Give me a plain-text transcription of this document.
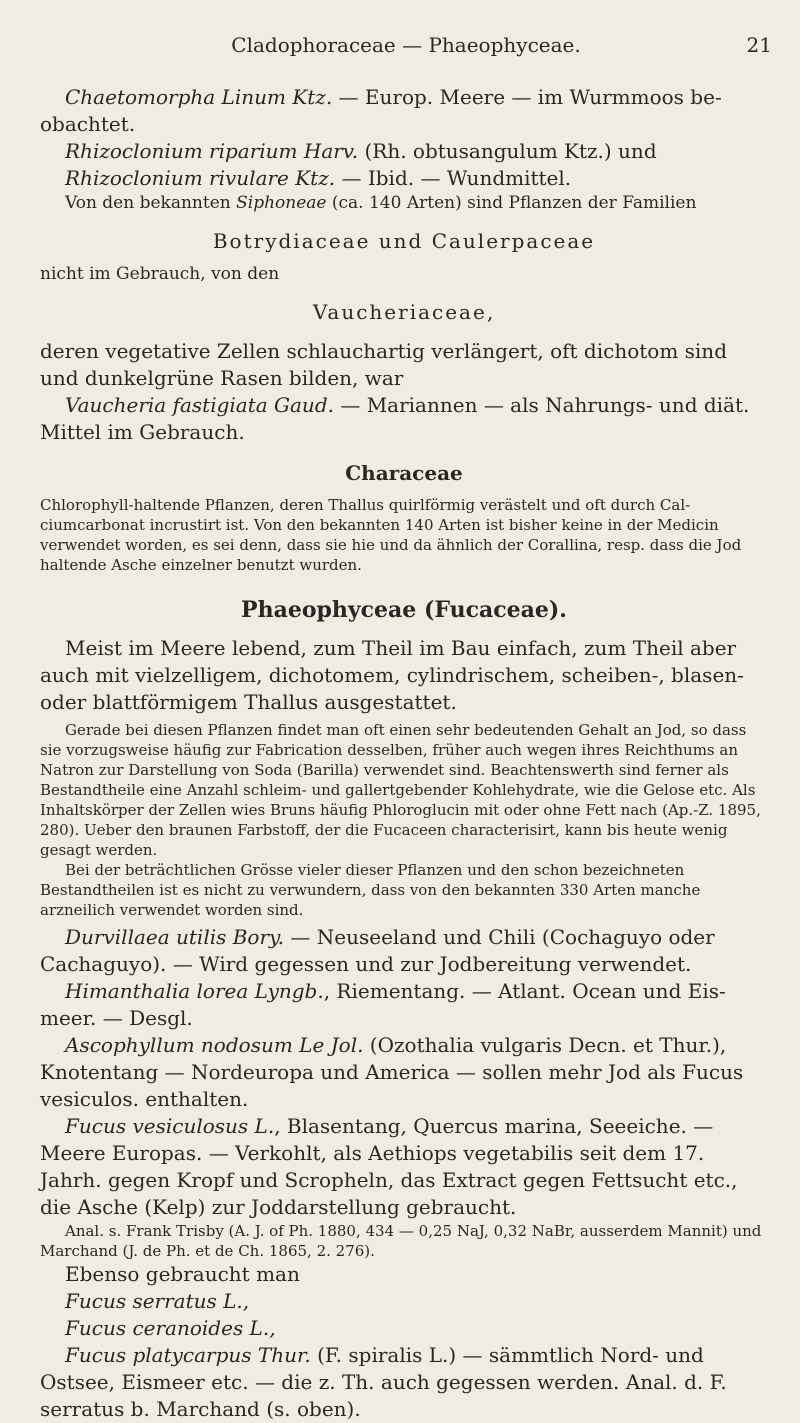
Cladophoraceae — Phaeophyceae.	21

Chaetomorpha Linum Ktz. — Europ. Meere — im Wurmmoos beobachtet.

Rhizoclonium riparium Harv. (Rh. obtusangulum Ktz.) und

Rhizoclonium rivulare Ktz. — Ibid. — Wundmittel.

Von den bekannten Siphoneae (ca. 140 Arten) sind Pflanzen der Familien

Botrydiaceae und Caulerpaceae

nicht im Gebrauch, von den

Vaucheriaceae,

deren vegetative Zellen schlauchartig verlängert, oft dichotom sind und dunkelgrüne Rasen bilden, war

Vaucheria fastigiata Gaud. — Mariannen — als Nahrungs- und diät. Mittel im Gebrauch.

Characeae

Chlorophyll-haltende Pflanzen, deren Thallus quirlförmig verästelt und oft durch Calciumcarbonat incrustirt ist. Von den bekannten 140 Arten ist bisher keine in der Medicin verwendet worden, es sei denn, dass sie hie und da ähnlich der Corallina, resp. dass die Jod haltende Asche einzelner benutzt wurden.

Phaeophyceae (Fucaceae).

Meist im Meere lebend, zum Theil im Bau einfach, zum Theil aber auch mit vielzelligem, dichotomem, cylindrischem, scheiben-, blasen- oder blattförmigem Thallus ausgestattet.

Gerade bei diesen Pflanzen findet man oft einen sehr bedeutenden Gehalt an Jod, so dass sie vorzugsweise häufig zur Fabrication desselben, früher auch wegen ihres Reichthums an Natron zur Darstellung von Soda (Barilla) verwendet sind. Beachtenswerth sind ferner als Bestandtheile eine Anzahl schleim- und gallertgebender Kohlehydrate, wie die Gelose etc. Als Inhaltskörper der Zellen wies Bruns häufig Phloroglucin mit oder ohne Fett nach (Ap.-Z. 1895, 280). Ueber den braunen Farbstoff, der die Fucaceen characterisirt, kann bis heute wenig gesagt werden.

Bei der beträchtlichen Grösse vieler dieser Pflanzen und den schon bezeichneten Bestandtheilen ist es nicht zu verwundern, dass von den bekannten 330 Arten manche arzneilich verwendet worden sind.

Durvillaea utilis Bory. — Neuseeland und Chili (Cochaguyo oder Cachaguyo). — Wird gegessen und zur Jodbereitung verwendet.

Himanthalia lorea Lyngb., Riementang. — Atlant. Ocean und Eismeer. — Desgl.

Ascophyllum nodosum Le Jol. (Ozothalia vulgaris Decn. et Thur.), Knotentang — Nordeuropa und America — sollen mehr Jod als Fucus vesiculos. enthalten.

Fucus vesiculosus L., Blasentang, Quercus marina, Seeeiche. — Meere Europas. — Verkohlt, als Aethiops vegetabilis seit dem 17. Jahrh. gegen Kropf und Scropheln, das Extract gegen Fettsucht etc., die Asche (Kelp) zur Joddarstellung gebraucht.

Anal. s. Frank Trisby (A. J. of Ph. 1880, 434 — 0,25 NaJ, 0,32 NaBr, ausserdem Mannit) und Marchand (J. de Ph. et de Ch. 1865, 2. 276).

Ebenso gebraucht man

Fucus serratus L.,

Fucus ceranoides L.,

Fucus platycarpus Thur. (F. spiralis L.) — sämmtlich Nord- und Ostsee, Eismeer etc. — die z. Th. auch gegessen werden. Anal. d. F. serratus b. Marchand (s. oben).
